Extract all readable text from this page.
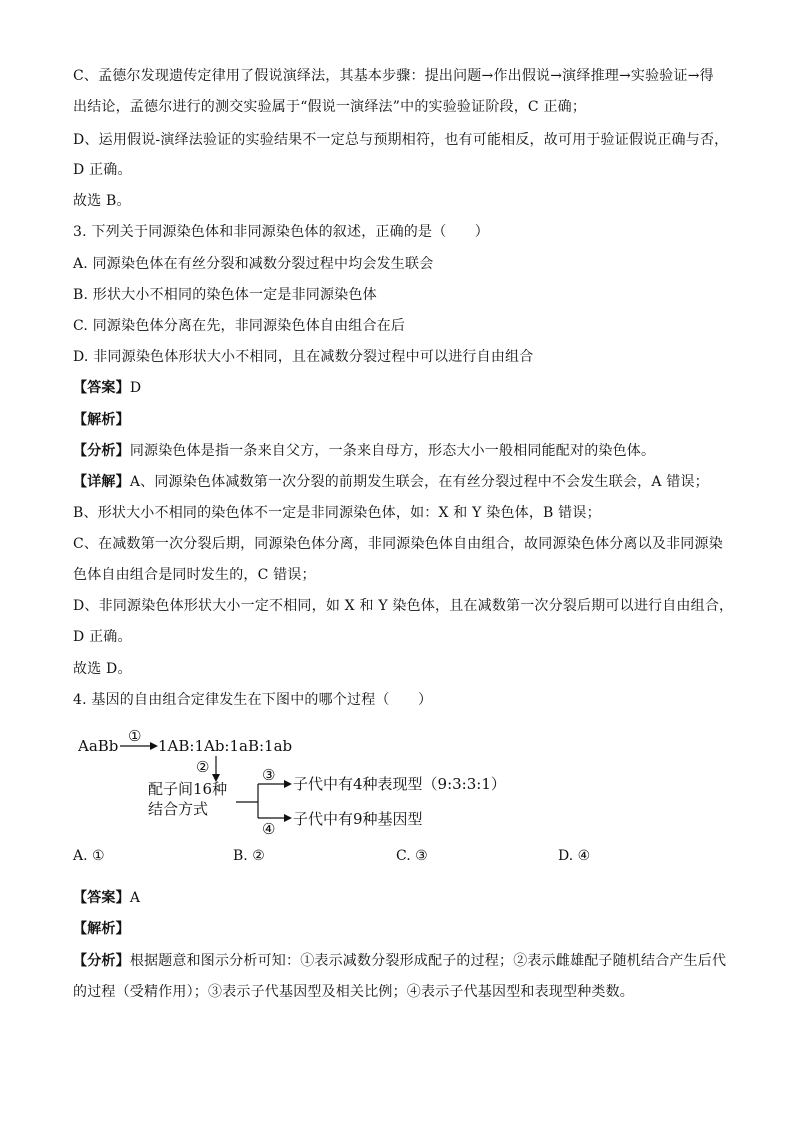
C、孟德尔发现遗传定律用了假说演绎法，其基本步骤：提出问题→作出假说→演绎推理→实验验证→得
出结论，孟德尔进行的测交实验属于“假说一演绎法”中的实验验证阶段，C 正确；
D、运用假说-演绎法验证的实验结果不一定总与预期相符，也有可能相反，故可用于验证假说正确与否，
D 正确。
故选 B。
3. 下列关于同源染色体和非同源染色体的叙述，正确的是（　　）
A. 同源染色体在有丝分裂和减数分裂过程中均会发生联会
B. 形状大小不相同的染色体一定是非同源染色体
C. 同源染色体分离在先，非同源染色体自由组合在后
D. 非同源染色体形状大小不相同，且在减数分裂过程中可以进行自由组合
【答案】D
【解析】
【分析】同源染色体是指一条来自父方，一条来自母方，形态大小一般相同能配对的染色体。
【详解】A、同源染色体减数第一次分裂的前期发生联会，在有丝分裂过程中不会发生联会，A 错误；
B、形状大小不相同的染色体不一定是非同源染色体，如：X 和 Y 染色体，B 错误；
C、在减数第一次分裂后期，同源染色体分离，非同源染色体自由组合，故同源染色体分离以及非同源染
色体自由组合是同时发生的，C 错误；
D、非同源染色体形状大小一定不相同，如 X 和 Y 染色体，且在减数第一次分裂后期可以进行自由组合，
D 正确。
故选 D。
4. 基因的自由组合定律发生在下图中的哪个过程（　　）
AaBb
①
1AB:1Ab:1aB:1ab
②
配子间16种
结合方式
③
④
子代中有4种表现型（9:3:3:1）
子代中有9种基因型
A. ①	B. ②	C. ③	D. ④
【答案】A
【解析】
【分析】根据题意和图示分析可知：①表示减数分裂形成配子的过程；②表示雌雄配子随机结合产生后代
的过程（受精作用）；③表示子代基因型及相关比例；④表示子代基因型和表现型种类数。
